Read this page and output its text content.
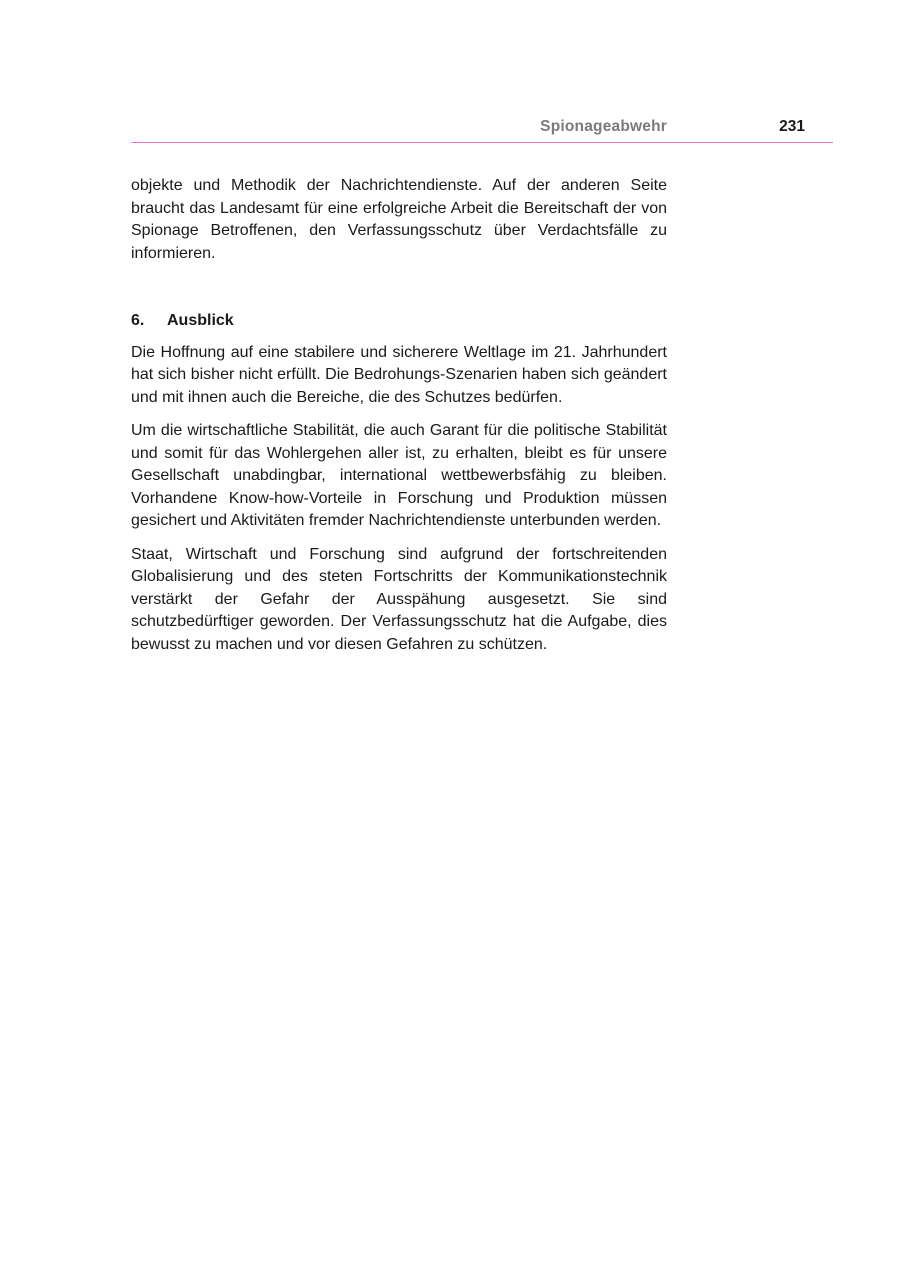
Spionageabwehr	231

objekte und Methodik der Nachrichtendienste. Auf der anderen Seite braucht das Landesamt für eine erfolgreiche Arbeit die Bereitschaft der von Spionage Betroffenen, den Verfassungsschutz über Verdachtsfälle zu informieren.

6. Ausblick

Die Hoffnung auf eine stabilere und sicherere Weltlage im 21. Jahrhundert hat sich bisher nicht erfüllt. Die Bedrohungs-Szenarien haben sich geändert und mit ihnen auch die Bereiche, die des Schutzes bedürfen.

Um die wirtschaftliche Stabilität, die auch Garant für die politische Stabilität und somit für das Wohlergehen aller ist, zu erhalten, bleibt es für unsere Gesellschaft unabdingbar, international wettbewerbsfähig zu bleiben. Vorhandene Know-how-Vorteile in Forschung und Produktion müssen gesichert und Aktivitäten fremder Nachrichtendienste unterbunden werden.

Staat, Wirtschaft und Forschung sind aufgrund der fortschreitenden Globalisierung und des steten Fortschritts der Kommunikationstechnik verstärkt der Gefahr der Ausspähung ausgesetzt. Sie sind schutzbedürftiger geworden. Der Verfassungsschutz hat die Aufgabe, dies bewusst zu machen und vor diesen Gefahren zu schützen.
